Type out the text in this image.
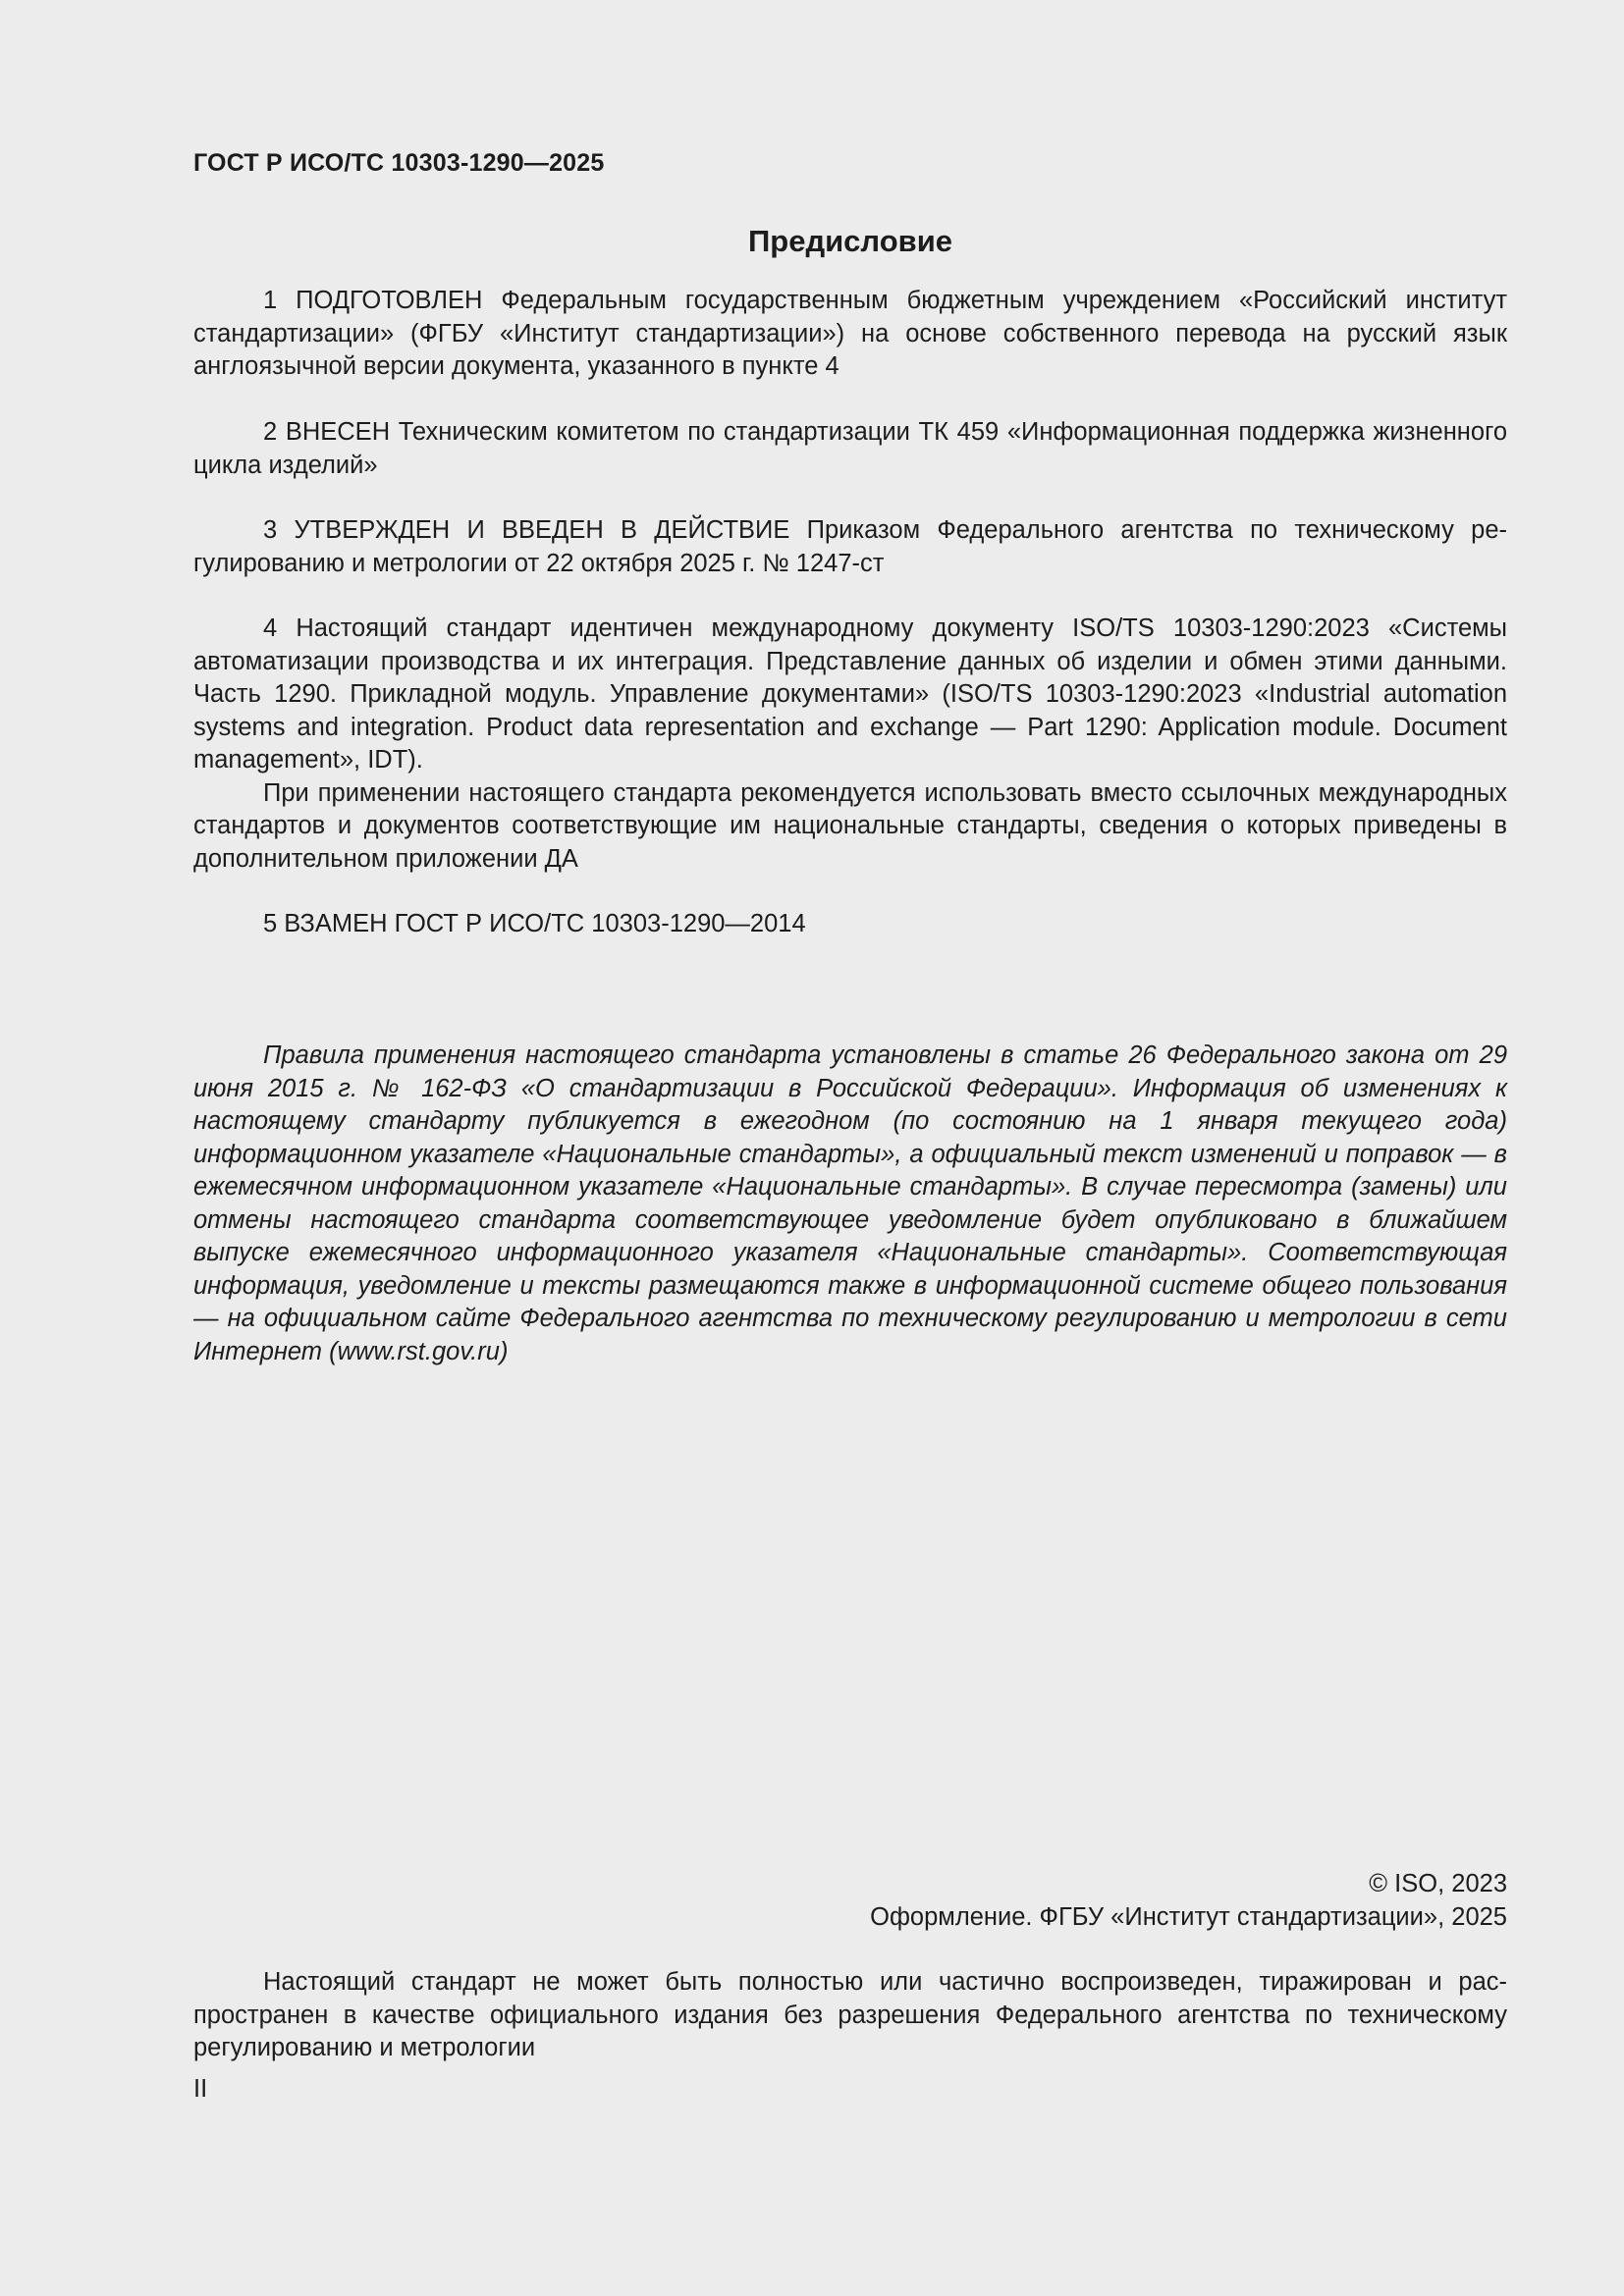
ГОСТ Р ИСО/ТС 10303-1290—2025
Предисловие

1 ПОДГОТОВЛЕН Федеральным государственным бюджетным учреждением «Российский институт стандартизации» (ФГБУ «Институт стандартизации») на основе собственного перевода на русский язык англоязычной версии документа, указанного в пункте 4

2 ВНЕСЕН Техническим комитетом по стандартизации ТК 459 «Информационная поддержка жизненного цикла изделий»

3 УТВЕРЖДЕН И ВВЕДЕН В ДЕЙСТВИЕ Приказом Федерального агентства по техническому регулированию и метрологии от 22 октября 2025 г. № 1247-ст

4 Настоящий стандарт идентичен международному документу ISO/TS 10303-1290:2023 «Системы автоматизации производства и их интеграция. Представление данных об изделии и обмен этими данными. Часть 1290. Прикладной модуль. Управление документами» (ISO/TS 10303-1290:2023 «Industrial automation systems and integration. Product data representation and exchange — Part 1290: Application module. Document management», IDT).

При применении настоящего стандарта рекомендуется использовать вместо ссылочных международных стандартов и документов соответствующие им национальные стандарты, сведения о которых приведены в дополнительном приложении ДА

5 ВЗАМЕН ГОСТ Р ИСО/ТС 10303-1290—2014

Правила применения настоящего стандарта установлены в статье 26 Федерального закона от 29 июня 2015 г. № 162-ФЗ «О стандартизации в Российской Федерации». Информация об изменениях к настоящему стандарту публикуется в ежегодном (по состоянию на 1 января текущего года) информационном указателе «Национальные стандарты», а официальный текст изменений и поправок — в ежемесячном информационном указателе «Национальные стандарты». В случае пересмотра (замены) или отмены настоящего стандарта соответствующее уведомление будет опубликовано в ближайшем выпуске ежемесячного информационного указателя «Национальные стандарты». Соответствующая информация, уведомление и тексты размещаются также в информационной системе общего пользования — на официальном сайте Федерального агентства по техническому регулированию и метрологии в сети Интернет (www.rst.gov.ru)

© ISO, 2023
Оформление. ФГБУ «Институт стандартизации», 2025

Настоящий стандарт не может быть полностью или частично воспроизведен, тиражирован и распространен в качестве официального издания без разрешения Федерального агентства по техническому регулированию и метрологии

II
